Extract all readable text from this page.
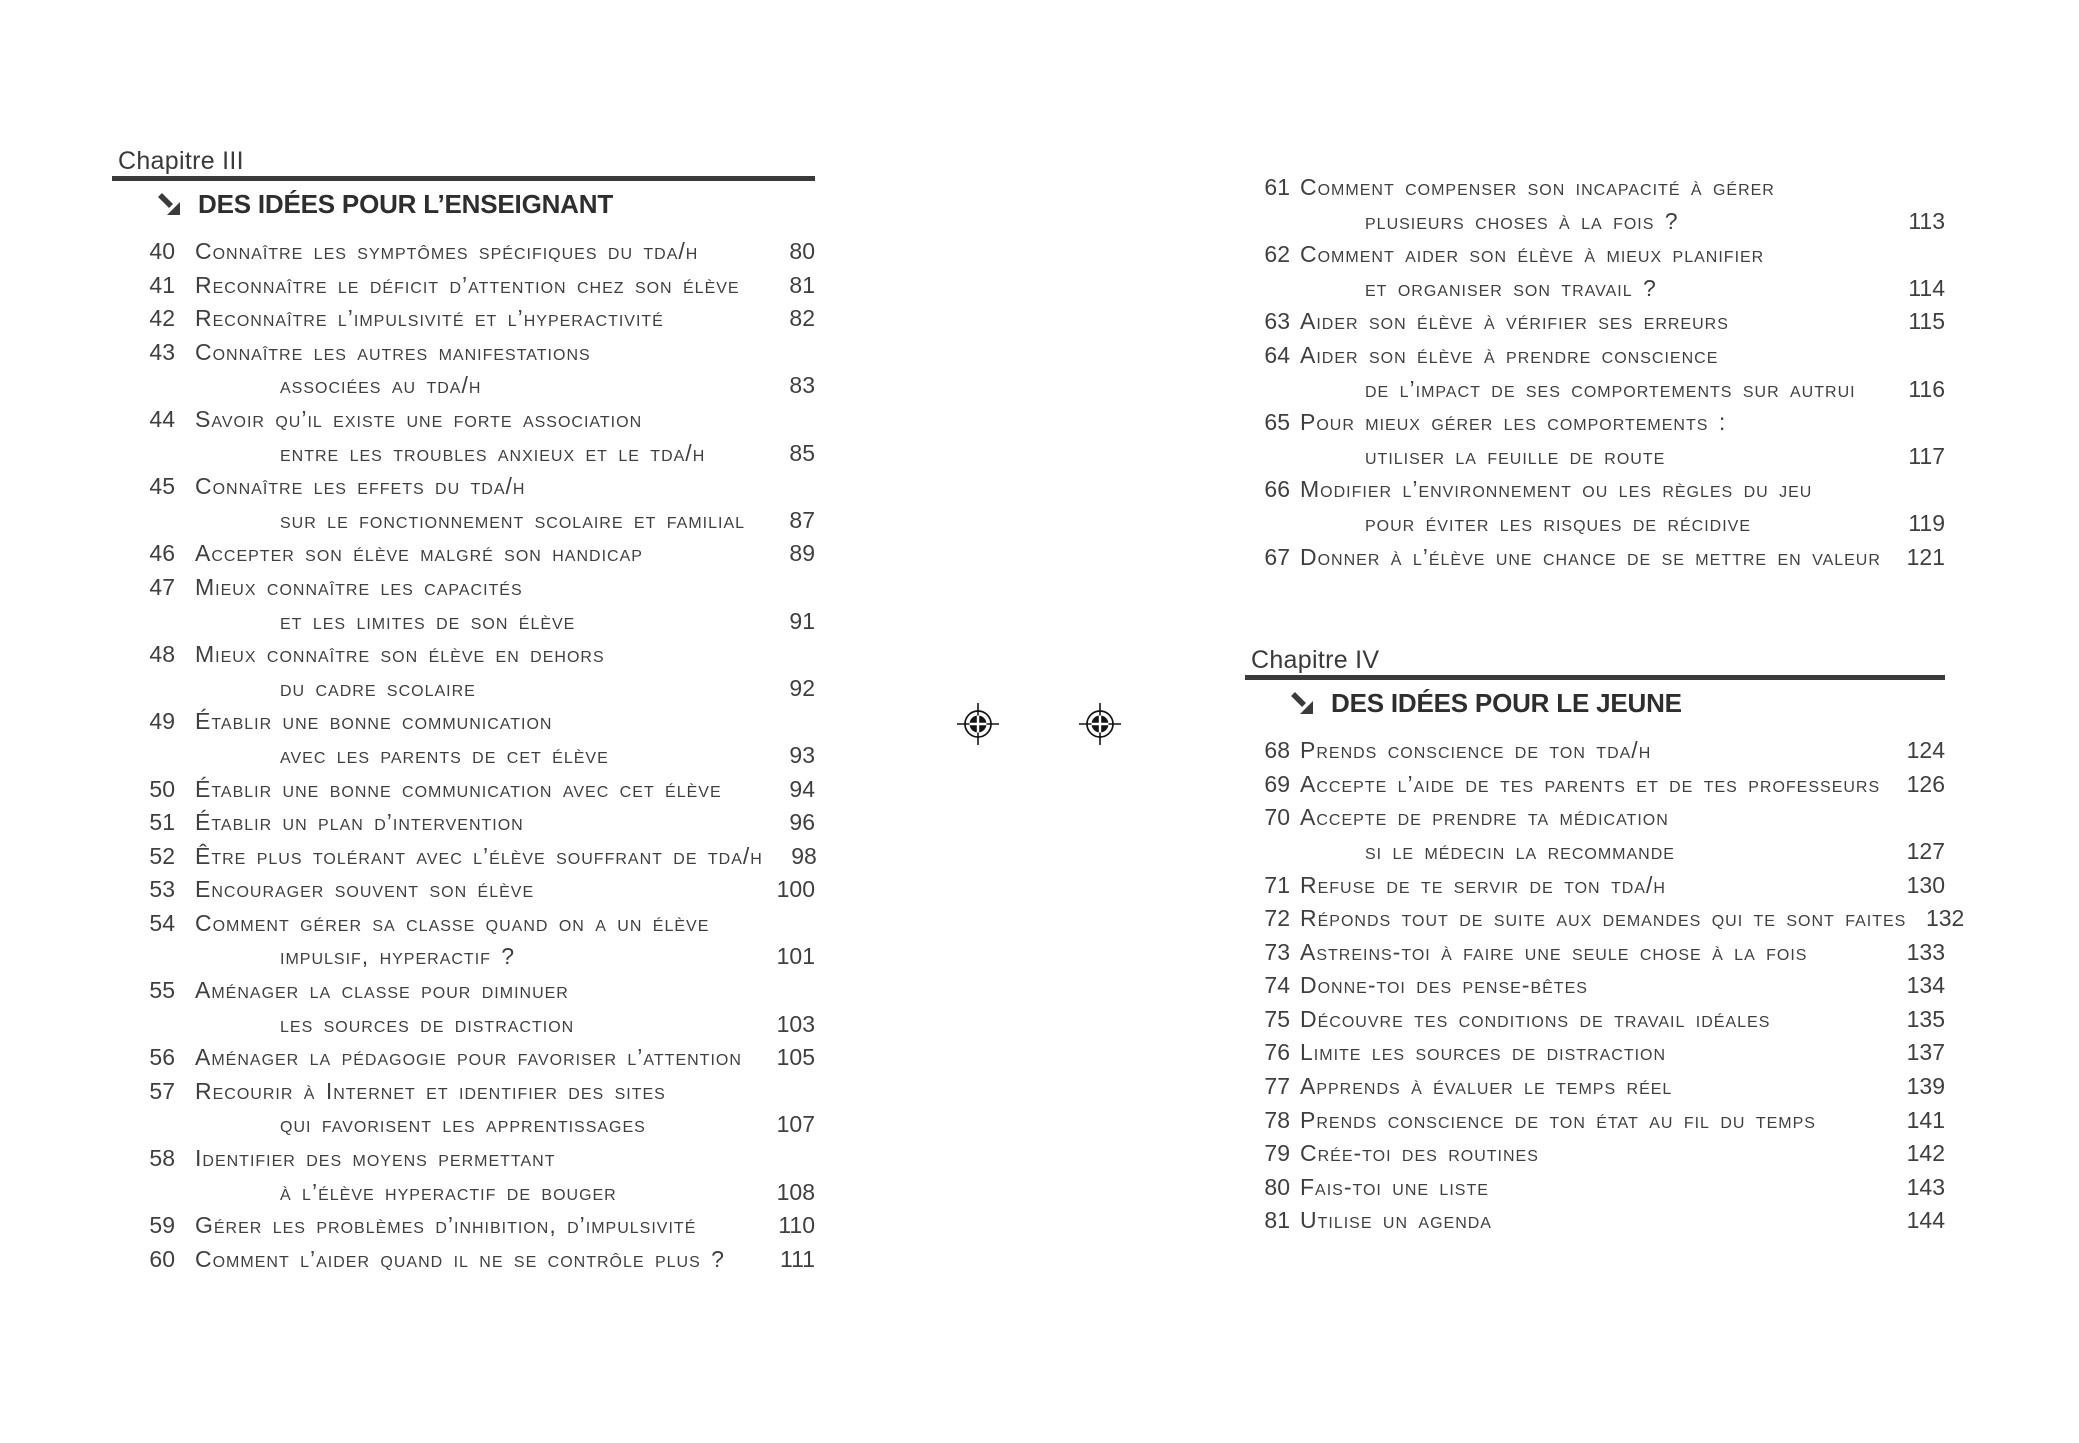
Chapitre III
DES IDÉES POUR L’ENSEIGNANT
40 Connaître les symptômes spécifiques du tda/h	80
41 Reconnaître le déficit d’attention chez son élève	81
42 Reconnaître l’impulsivité et l’hyperactivité	82
43 Connaître les autres manifestations
associées au tda/h	83
44 Savoir qu’il existe une forte association
entre les troubles anxieux et le tda/h	85
45 Connaître les effets du tda/h
sur le fonctionnement scolaire et familial	87
46 Accepter son élève malgré son handicap	89
47 Mieux connaître les capacités
et les limites de son élève	91
48 Mieux connaître son élève en dehors
du cadre scolaire	92
49 Établir une bonne communication
avec les parents de cet élève	93
50 Établir une bonne communication avec cet élève	94
51 Établir un plan d’intervention	96
52 Être plus tolérant avec l’élève souffrant de tda/h	98
53 Encourager souvent son élève	100
54 Comment gérer sa classe quand on a un élève
impulsif, hyperactif ?	101
55 Aménager la classe pour diminuer
les sources de distraction	103
56 Aménager la pédagogie pour favoriser l’attention	105
57 Recourir à Internet et identifier des sites
qui favorisent les apprentissages	107
58 Identifier des moyens permettant
à l’élève hyperactif de bouger	108
59 Gérer les problèmes d’inhibition, d’impulsivité	110
60 Comment l’aider quand il ne se contrôle plus ?	111
61 Comment compenser son incapacité à gérer
plusieurs choses à la fois ?	113
62 Comment aider son élève à mieux planifier
et organiser son travail ?	114
63 Aider son élève à vérifier ses erreurs	115
64 Aider son élève à prendre conscience
de l’impact de ses comportements sur autrui	116
65 Pour mieux gérer les comportements :
utiliser la feuille de route	117
66 Modifier l’environnement ou les règles du jeu
pour éviter les risques de récidive	119
67 Donner à l’élève une chance de se mettre en valeur	121
Chapitre IV
DES IDÉES POUR LE JEUNE
68 Prends conscience de ton tda/h	124
69 Accepte l’aide de tes parents et de tes professeurs	126
70 Accepte de prendre ta médication
si le médecin la recommande	127
71 Refuse de te servir de ton tda/h	130
72 Réponds tout de suite aux demandes qui te sont faites 132
73 Astreins-toi à faire une seule chose à la fois	133
74 Donne-toi des pense-bêtes	134
75 Découvre tes conditions de travail idéales	135
76 Limite les sources de distraction	137
77 Apprends à évaluer le temps réel	139
78 Prends conscience de ton état au fil du temps	141
79 Crée-toi des routines	142
80 Fais-toi une liste	143
81 Utilise un agenda	144
